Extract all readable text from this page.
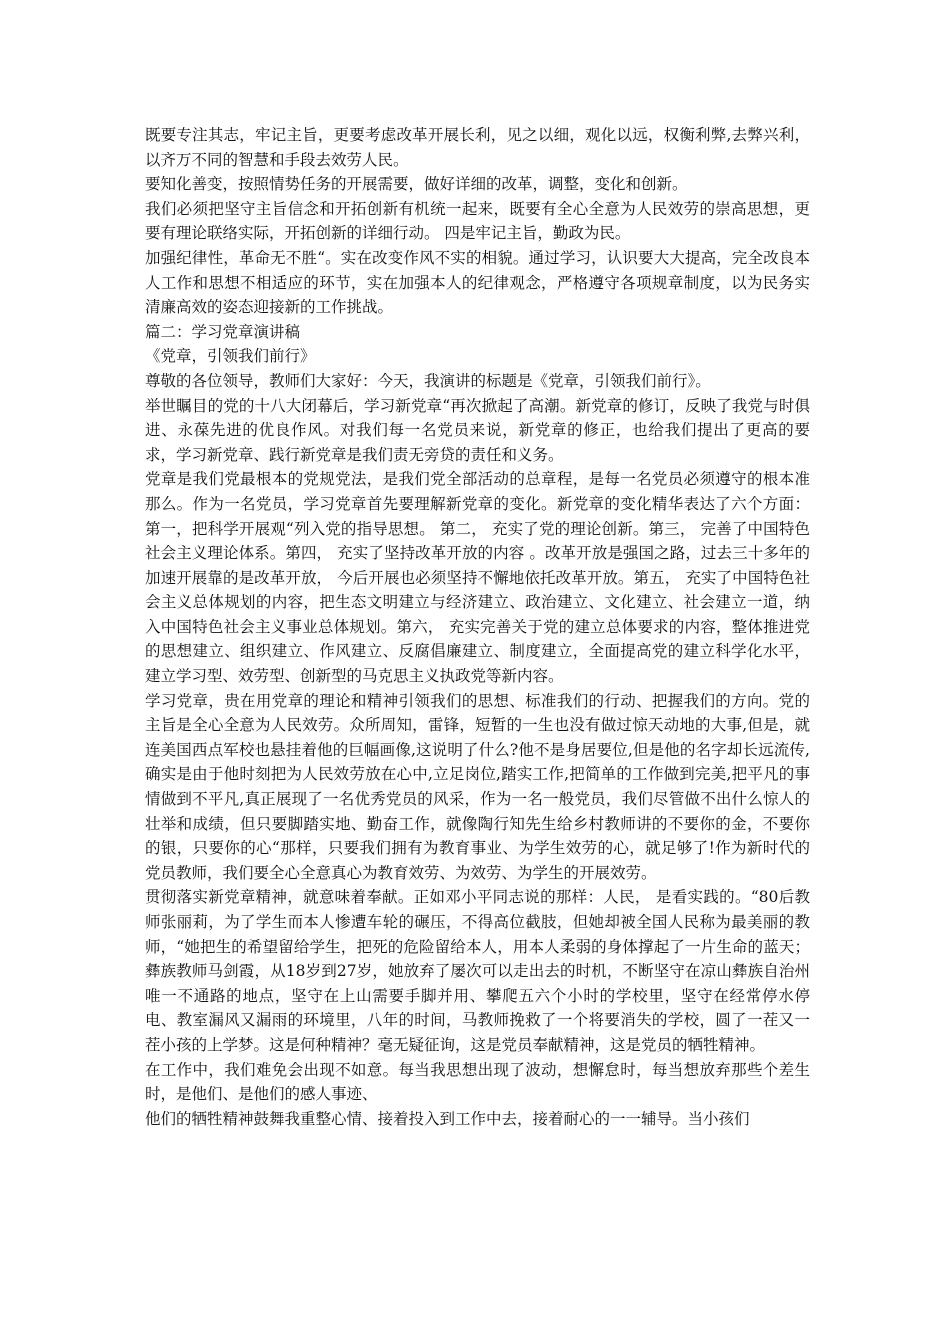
既要专注其志，牢记主旨，更要考虑改革开展长利，见之以细，观化以远，权衡利弊,去弊兴利，以齐万不同的智慧和手段去效劳人民。

要知化善变，按照情势任务的开展需要，做好详细的改革，调整，变化和创新。

我们必须把坚守主旨信念和开拓创新有机统一起来，既要有全心全意为人民效劳的崇高思想，更要有理论联络实际，开拓创新的详细行动。 四是牢记主旨，勤政为民。

加强纪律性，革命无不胜“。实在改变作风不实的相貌。通过学习，认识要大大提高，完全改良本人工作和思想不相适应的环节，实在加强本人的纪律观念，严格遵守各项规章制度，以为民务实清廉高效的姿态迎接新的工作挑战。

篇二：学习党章演讲稿

《党章，引领我们前行》

尊敬的各位领导，教师们大家好：今天，我演讲的标题是《党章，引领我们前行》。

举世瞩目的党的十八大闭幕后，学习新党章“再次掀起了高潮。新党章的修订，反映了我党与时俱进、永葆先进的优良作风。对我们每一名党员来说，新党章的修正，也给我们提出了更高的要求，学习新党章、践行新党章是我们责无旁贷的责任和义务。

党章是我们党最根本的党规党法，是我们党全部活动的总章程，是每一名党员必须遵守的根本准那么。作为一名党员，学习党章首先要理解新党章的变化。新党章的变化精华表达了六个方面：第一，把科学开展观“列入党的指导思想。 第二， 充实了党的理论创新。第三， 完善了中国特色社会主义理论体系。第四， 充实了坚持改革开放的内容 。改革开放是强国之路，过去三十多年的加速开展靠的是改革开放， 今后开展也必须坚持不懈地依托改革开放。第五， 充实了中国特色社会主义总体规划的内容，把生态文明建立与经济建立、政治建立、文化建立、社会建立一道，纳入中国特色社会主义事业总体规划。第六， 充实完善关于党的建立总体要求的内容，整体推进党的思想建立、组织建立、作风建立、反腐倡廉建立、制度建立，全面提高党的建立科学化水平，建立学习型、效劳型、创新型的马克思主义执政党等新内容。

学习党章，贵在用党章的理论和精神引领我们的思想、标准我们的行动、把握我们的方向。党的主旨是全心全意为人民效劳。众所周知，雷锋，短暂的一生也没有做过惊天动地的大事,但是，就连美国西点军校也悬挂着他的巨幅画像,这说明了什么?他不是身居要位,但是他的名字却长远流传,确实是由于他时刻把为人民效劳放在心中,立足岗位,踏实工作,把简单的工作做到完美,把平凡的事情做到不平凡,真正展现了一名优秀党员的风采，作为一名一般党员，我们尽管做不出什么惊人的壮举和成绩，但只要脚踏实地、勤奋工作，就像陶行知先生给乡村教师讲的不要你的金，不要你的银，只要你的心“那样，只要我们拥有为教育事业、为学生效劳的心，就足够了!作为新时代的党员教师，我们要全心全意真心为教育效劳、为效劳、为学生的开展效劳。

贯彻落实新党章精神，就意味着奉献。正如邓小平同志说的那样：人民， 是看实践的。“80后教师张丽莉，为了学生而本人惨遭车轮的碾压，不得高位截肢，但她却被全国人民称为最美丽的教师，“她把生的希望留给学生，把死的危险留给本人，用本人柔弱的身体撑起了一片生命的蓝天；彝族教师马剑霞，从18岁到27岁，她放弃了屡次可以走出去的时机，不断坚守在凉山彝族自治州唯一不通路的地点，坚守在上山需要手脚并用、攀爬五六个小时的学校里，坚守在经常停水停电、教室漏风又漏雨的环境里，八年的时间，马教师挽救了一个将要消失的学校，圆了一茬又一茬小孩的上学梦。这是何种精神？毫无疑征询，这是党员奉献精神，这是党员的牺牲精神。

在工作中，我们难免会出现不如意。每当我思想出现了波动，想懈怠时，每当想放弃那些个差生时，是他们、是他们的感人事迹、

他们的牺牲精神鼓舞我重整心情、接着投入到工作中去，接着耐心的一一辅导。当小孩们
